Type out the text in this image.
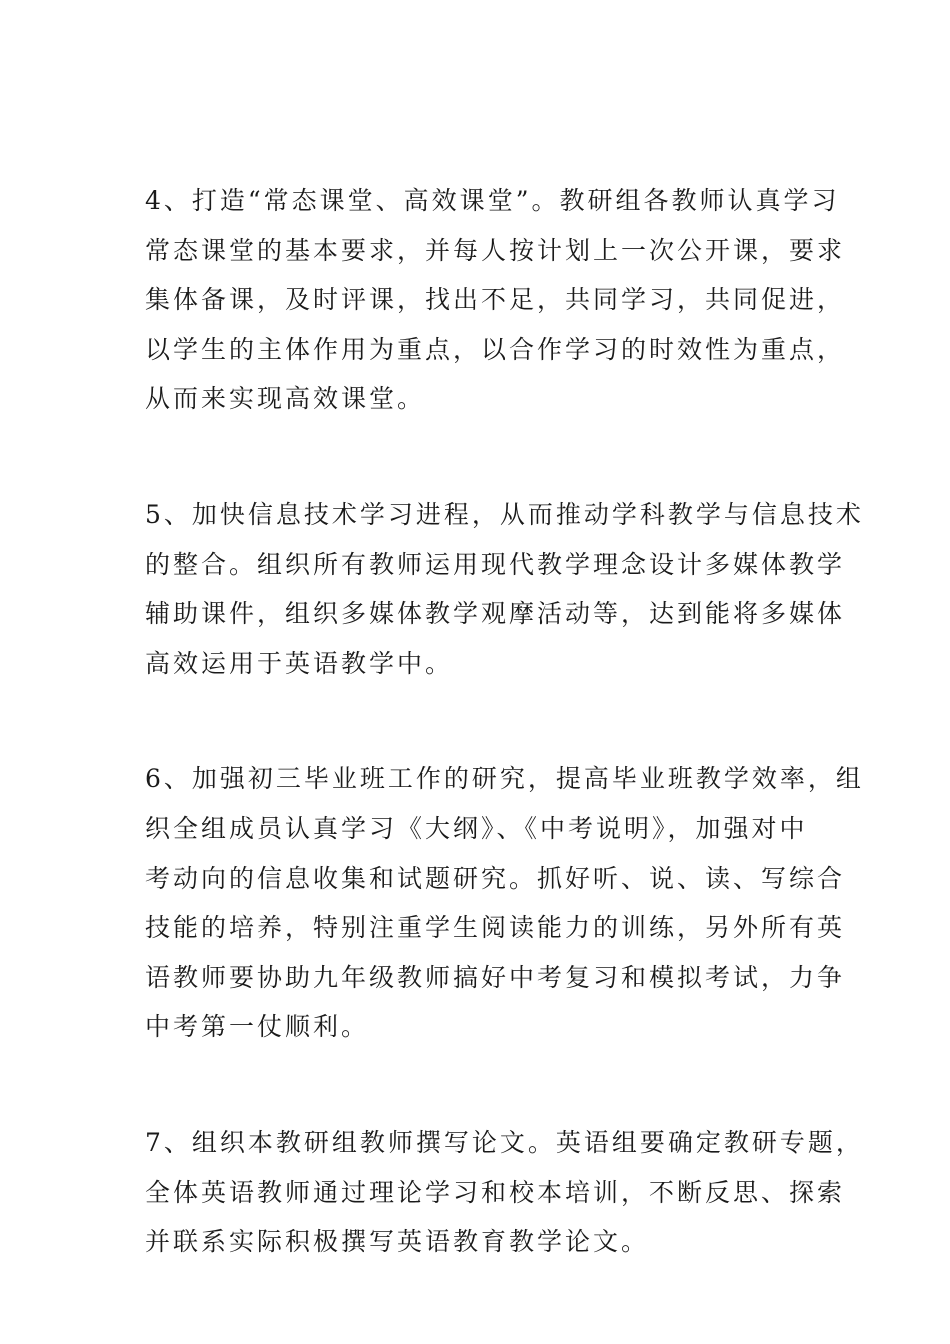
4、打造“常态课堂、高效课堂”。教研组各教师认真学习
常态课堂的基本要求，并每人按计划上一次公开课，要求
集体备课，及时评课，找出不足，共同学习，共同促进，
以学生的主体作用为重点，以合作学习的时效性为重点，
从而来实现高效课堂。
5、加快信息技术学习进程，从而推动学科教学与信息技术
的整合。组织所有教师运用现代教学理念设计多媒体教学
辅助课件，组织多媒体教学观摩活动等，达到能将多媒体
高效运用于英语教学中。
6、加强初三毕业班工作的研究，提高毕业班教学效率，组
织全组成员认真学习《大纲》、《中考说明》，加强对中
考动向的信息收集和试题研究。抓好听、说、读、写综合
技能的培养，特别注重学生阅读能力的训练，另外所有英
语教师要协助九年级教师搞好中考复习和模拟考试，力争
中考第一仗顺利。
7、组织本教研组教师撰写论文。英语组要确定教研专题，
全体英语教师通过理论学习和校本培训，不断反思、探索
并联系实际积极撰写英语教育教学论文。
